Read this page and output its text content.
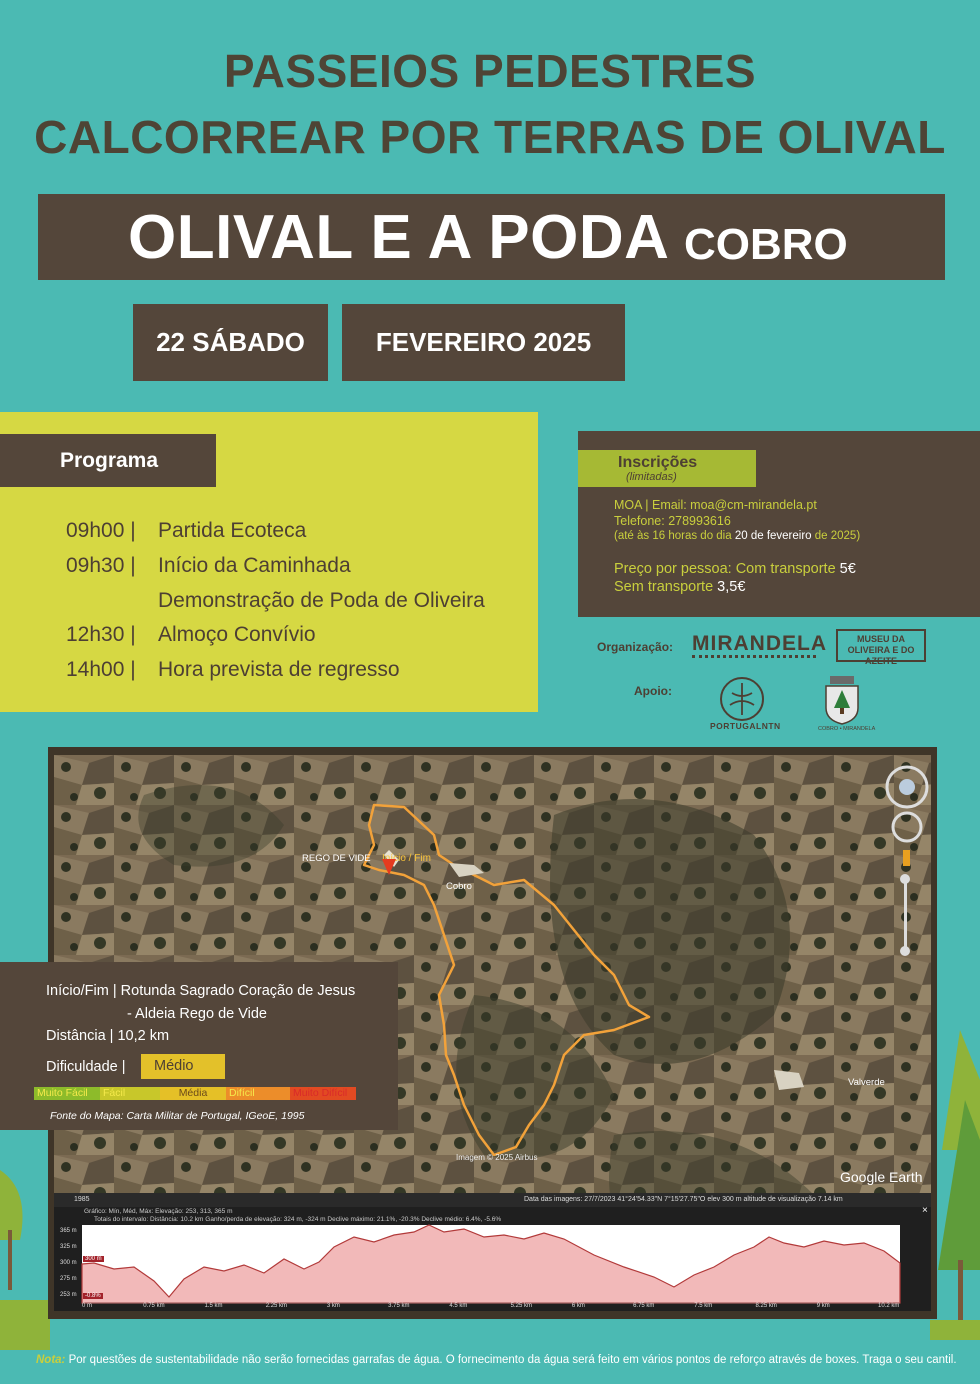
PASSEIOS PEDESTRES
CALCORREAR POR TERRAS DE OLIVAL
OLIVAL E A PODA COBRO
22 SÁBADO	FEVEREIRO 2025
Programa
09h00 | Partida Ecoteca
09h30 | Início da Caminhada
Demonstração de Poda de Oliveira
12h30 | Almoço Convívio
14h00 | Hora prevista de regresso
Inscrições
(limitadas)
MOA | Email: moa@cm-mirandela.pt
Telefone: 278993616
(até às 16 horas do dia 20 de fevereiro de 2025)
Preço por pessoa: Com transporte 5€
Sem transporte 3,5€
Organização: MIRANDELA	MUSEU DA OLIVEIRA E DO AZEITE
Apoio:
PORTUGALNTN	COBRO • MIRANDELA
REGO DE VIDE Início / Fim
Cobro
Valverde
Imagem © 2025 Airbus
Google Earth
1985	Data das imagens: 27/7/2023 41°24'54.33"N 7°15'27.75"O elev 300 m altitude de visualização 7.14 km
Gráfico: Mín, Méd, Máx: Elevação: 253, 313, 365 m
Totais do intervalo: Distância: 10.2 km Ganho/perda de elevação: 324 m, -324 m Declive máximo: 21.1%, -20.3% Declive médio: 6.4%, -5.6%
×
365 m
325 m
300 m
275 m
253 m
300 m
-0.8%
0 m	0.75 km	1.5 km	2.25 km	3 km	3.75 km	4.5 km	5.25 km	6 km	6.75 km	7.5 km	8.25 km	9 km	10.2 km
Início/Fim | Rotunda Sagrado Coração de Jesus
- Aldeia Rego de Vide
Distância | 10,2 km
Dificuldade |	Médio
Muito Fácil	Fácil	Média	Difícil	Muito Difícil
Fonte do Mapa: Carta Militar de Portugal, IGeoE, 1995
Nota: Por questões de sustentabilidade não serão fornecidas garrafas de água. O fornecimento da água será feito em vários pontos de reforço através de boxes. Traga o seu cantil.
